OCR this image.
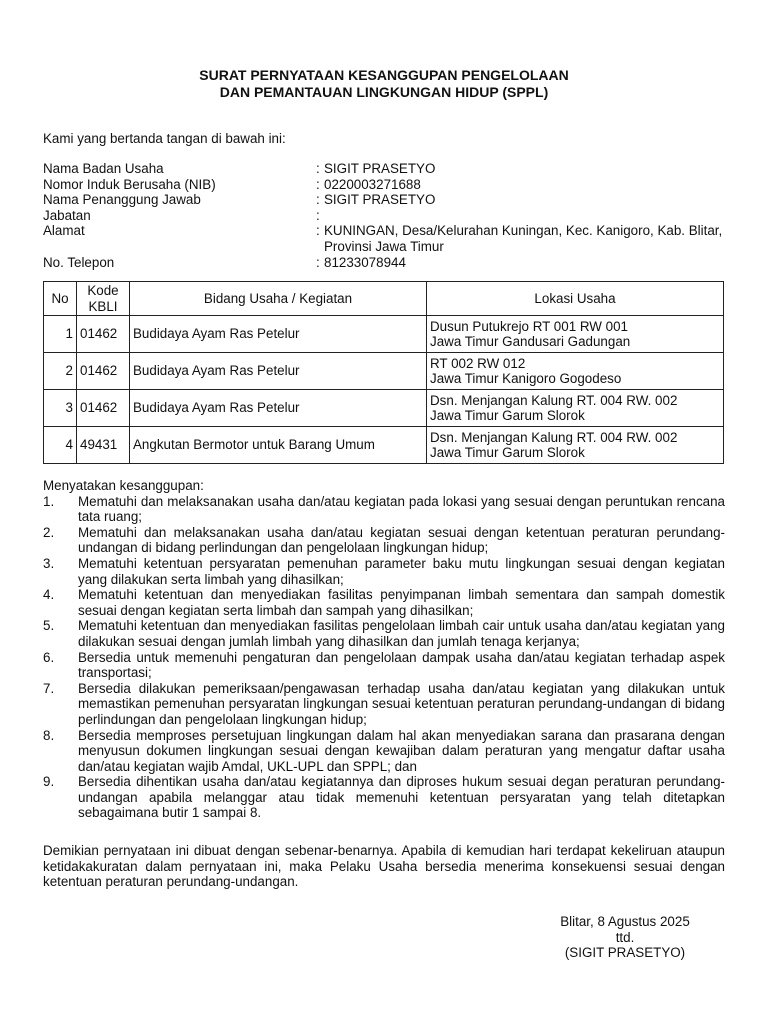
SURAT PERNYATAAN KESANGGUPAN PENGELOLAAN
DAN PEMANTAUAN LINGKUNGAN HIDUP (SPPL)
Kami yang bertanda tangan di bawah ini:
Nama Badan Usaha	: SIGIT PRASETYO
Nomor Induk Berusaha (NIB)	: 0220003271688
Nama Penanggung Jawab	: SIGIT PRASETYO
Jabatan	:
Alamat	: KUNINGAN, Desa/Kelurahan Kuningan, Kec. Kanigoro, Kab. Blitar, Provinsi Jawa Timur
No. Telepon	: 81233078944
No	Kode KBLI	Bidang Usaha / Kegiatan	Lokasi Usaha
1	01462	Budidaya Ayam Ras Petelur	Dusun Putukrejo RT 001 RW 001
Jawa Timur Gandusari Gadungan

2	01462	Budidaya Ayam Ras Petelur	RT 002 RW 012
Jawa Timur Kanigoro Gogodeso

3	01462	Budidaya Ayam Ras Petelur	Dsn. Menjangan Kalung RT. 004 RW. 002
Jawa Timur Garum Slorok

4	49431	Angkutan Bermotor untuk Barang Umum	Dsn. Menjangan Kalung RT. 004 RW. 002
Jawa Timur Garum Slorok
Menyatakan kesanggupan:
1. Mematuhi dan melaksanakan usaha dan/atau kegiatan pada lokasi yang sesuai dengan peruntukan rencana tata ruang;
2. Mematuhi dan melaksanakan usaha dan/atau kegiatan sesuai dengan ketentuan peraturan perundang-undangan di bidang perlindungan dan pengelolaan lingkungan hidup;
3. Mematuhi ketentuan persyaratan pemenuhan parameter baku mutu lingkungan sesuai dengan kegiatan yang dilakukan serta limbah yang dihasilkan;
4. Mematuhi ketentuan dan menyediakan fasilitas penyimpanan limbah sementara dan sampah domestik sesuai dengan kegiatan serta limbah dan sampah yang dihasilkan;
5. Mematuhi ketentuan dan menyediakan fasilitas pengelolaan limbah cair untuk usaha dan/atau kegiatan yang dilakukan sesuai dengan jumlah limbah yang dihasilkan dan jumlah tenaga kerjanya;
6. Bersedia untuk memenuhi pengaturan dan pengelolaan dampak usaha dan/atau kegiatan terhadap aspek transportasi;
7. Bersedia dilakukan pemeriksaan/pengawasan terhadap usaha dan/atau kegiatan yang dilakukan untuk memastikan pemenuhan persyaratan lingkungan sesuai ketentuan peraturan perundang-undangan di bidang perlindungan dan pengelolaan lingkungan hidup;
8. Bersedia memproses persetujuan lingkungan dalam hal akan menyediakan sarana dan prasarana dengan menyusun dokumen lingkungan sesuai dengan kewajiban dalam peraturan yang mengatur daftar usaha dan/atau kegiatan wajib Amdal, UKL-UPL dan SPPL; dan
9. Bersedia dihentikan usaha dan/atau kegiatannya dan diproses hukum sesuai degan peraturan perundang-undangan apabila melanggar atau tidak memenuhi ketentuan persyaratan yang telah ditetapkan sebagaimana butir 1 sampai 8.
Demikian pernyataan ini dibuat dengan sebenar-benarnya. Apabila di kemudian hari terdapat kekeliruan ataupun ketidakakuratan dalam pernyataan ini, maka Pelaku Usaha bersedia menerima konsekuensi sesuai dengan ketentuan peraturan perundang-undangan.
Blitar, 8 Agustus 2025
ttd.
(SIGIT PRASETYO)
